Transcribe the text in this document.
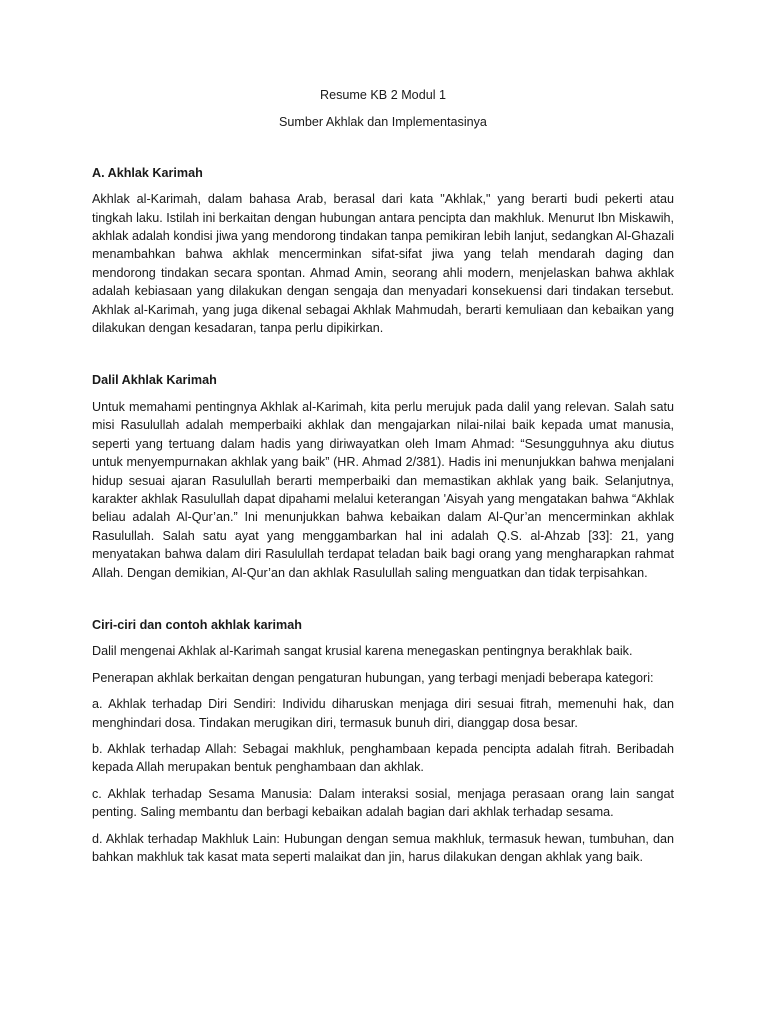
Resume KB 2 Modul 1

Sumber Akhlak dan Implementasinya

A. Akhlak Karimah

Akhlak al-Karimah, dalam bahasa Arab, berasal dari kata "Akhlak," yang berarti budi pekerti atau tingkah laku. Istilah ini berkaitan dengan hubungan antara pencipta dan makhluk. Menurut Ibn Miskawih, akhlak adalah kondisi jiwa yang mendorong tindakan tanpa pemikiran lebih lanjut, sedangkan Al-Ghazali menambahkan bahwa akhlak mencerminkan sifat-sifat jiwa yang telah mendarah daging dan mendorong tindakan secara spontan. Ahmad Amin, seorang ahli modern, menjelaskan bahwa akhlak adalah kebiasaan yang dilakukan dengan sengaja dan menyadari konsekuensi dari tindakan tersebut. Akhlak al-Karimah, yang juga dikenal sebagai Akhlak Mahmudah, berarti kemuliaan dan kebaikan yang dilakukan dengan kesadaran, tanpa perlu dipikirkan.

Dalil Akhlak Karimah

Untuk memahami pentingnya Akhlak al-Karimah, kita perlu merujuk pada dalil yang relevan. Salah satu misi Rasulullah adalah memperbaiki akhlak dan mengajarkan nilai-nilai baik kepada umat manusia, seperti yang tertuang dalam hadis yang diriwayatkan oleh Imam Ahmad: “Sesungguhnya aku diutus untuk menyempurnakan akhlak yang baik” (HR. Ahmad 2/381). Hadis ini menunjukkan bahwa menjalani hidup sesuai ajaran Rasulullah berarti memperbaiki dan memastikan akhlak yang baik. Selanjutnya, karakter akhlak Rasulullah dapat dipahami melalui keterangan 'Aisyah yang mengatakan bahwa “Akhlak beliau adalah Al-Qur’an.” Ini menunjukkan bahwa kebaikan dalam Al-Qur’an mencerminkan akhlak Rasulullah. Salah satu ayat yang menggambarkan hal ini adalah Q.S. al-Ahzab [33]: 21, yang menyatakan bahwa dalam diri Rasulullah terdapat teladan baik bagi orang yang mengharapkan rahmat Allah. Dengan demikian, Al-Qur’an dan akhlak Rasulullah saling menguatkan dan tidak terpisahkan.

Ciri-ciri dan contoh akhlak karimah

Dalil mengenai Akhlak al-Karimah sangat krusial karena menegaskan pentingnya berakhlak baik.

Penerapan akhlak berkaitan dengan pengaturan hubungan, yang terbagi menjadi beberapa kategori:

a. Akhlak terhadap Diri Sendiri: Individu diharuskan menjaga diri sesuai fitrah, memenuhi hak, dan menghindari dosa. Tindakan merugikan diri, termasuk bunuh diri, dianggap dosa besar.

b. Akhlak terhadap Allah: Sebagai makhluk, penghambaan kepada pencipta adalah fitrah. Beribadah kepada Allah merupakan bentuk penghambaan dan akhlak.

c. Akhlak terhadap Sesama Manusia: Dalam interaksi sosial, menjaga perasaan orang lain sangat penting. Saling membantu dan berbagi kebaikan adalah bagian dari akhlak terhadap sesama.

d. Akhlak terhadap Makhluk Lain: Hubungan dengan semua makhluk, termasuk hewan, tumbuhan, dan bahkan makhluk tak kasat mata seperti malaikat dan jin, harus dilakukan dengan akhlak yang baik.
